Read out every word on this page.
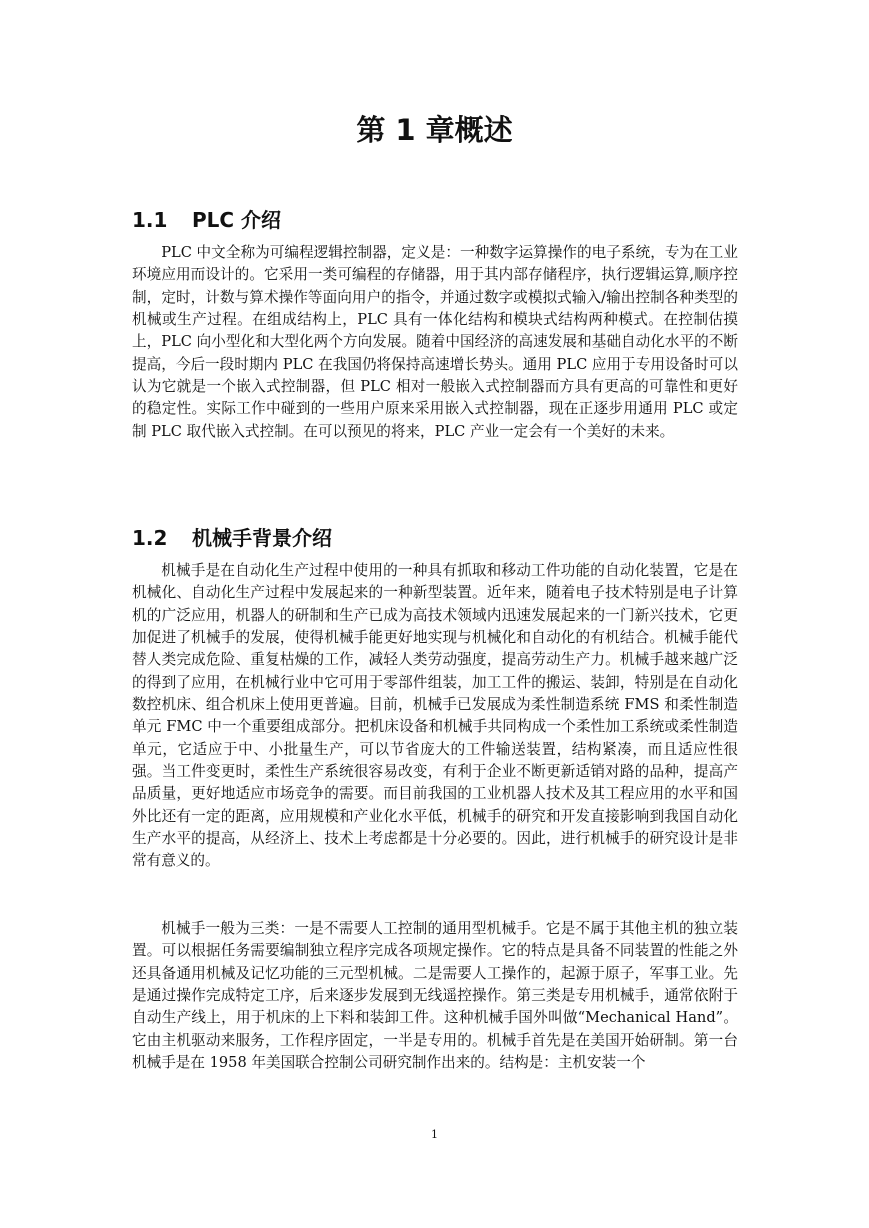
第 1 章概述
1.1 PLC 介绍

PLC 中文全称为可编程逻辑控制器，定义是：一种数字运算操作的电子系统，专为在工业环境应用而设计的。它采用一类可编程的存储器，用于其内部存储程序，执行逻辑运算,顺序控制，定时，计数与算术操作等面向用户的指令，并通过数字或模拟式输入/输出控制各种类型的机械或生产过程。在组成结构上，PLC 具有一体化结构和模块式结构两种模式。在控制估摸上，PLC 向小型化和大型化两个方向发展。随着中国经济的高速发展和基础自动化水平的不断提高，今后一段时期内 PLC 在我国仍将保持高速增长势头。通用 PLC 应用于专用设备时可以认为它就是一个嵌入式控制器，但 PLC 相对一般嵌入式控制器而方具有更高的可靠性和更好的稳定性。实际工作中碰到的一些用户原来采用嵌入式控制器，现在正逐步用通用 PLC 或定制 PLC 取代嵌入式控制。在可以预见的将来，PLC 产业一定会有一个美好的未来。

1.2 机械手背景介绍

机械手是在自动化生产过程中使用的一种具有抓取和移动工件功能的自动化装置，它是在机械化、自动化生产过程中发展起来的一种新型装置。近年来，随着电子技术特别是电子计算机的广泛应用，机器人的研制和生产已成为高技术领域内迅速发展起来的一门新兴技术，它更加促进了机械手的发展，使得机械手能更好地实现与机械化和自动化的有机结合。机械手能代替人类完成危险、重复枯燥的工作，减轻人类劳动强度，提高劳动生产力。机械手越来越广泛的得到了应用，在机械行业中它可用于零部件组装，加工工件的搬运、装卸，特别是在自动化数控机床、组合机床上使用更普遍。目前，机械手已发展成为柔性制造系统 FMS 和柔性制造单元 FMC 中一个重要组成部分。把机床设备和机械手共同构成一个柔性加工系统或柔性制造单元，它适应于中、小批量生产，可以节省庞大的工件输送装置，结构紧凑，而且适应性很强。当工件变更时，柔性生产系统很容易改变，有利于企业不断更新适销对路的品种，提高产品质量，更好地适应市场竞争的需要。而目前我国的工业机器人技术及其工程应用的水平和国外比还有一定的距离，应用规模和产业化水平低，机械手的研究和开发直接影响到我国自动化生产水平的提高，从经济上、技术上考虑都是十分必要的。因此，进行机械手的研究设计是非常有意义的。

机械手一般为三类：一是不需要人工控制的通用型机械手。它是不属于其他主机的独立装置。可以根据任务需要编制独立程序完成各项规定操作。它的特点是具备不同装置的性能之外还具备通用机械及记忆功能的三元型机械。二是需要人工操作的，起源于原子，军事工业。先是通过操作完成特定工序，后来逐步发展到无线遥控操作。第三类是专用机械手，通常依附于自动生产线上，用于机床的上下料和装卸工件。这种机械手国外叫做“Mechanical Hand”。它由主机驱动来服务，工作程序固定，一半是专用的。机械手首先是在美国开始研制。第一台机械手是在 1958 年美国联合控制公司研究制作出来的。结构是：主机安装一个

1
